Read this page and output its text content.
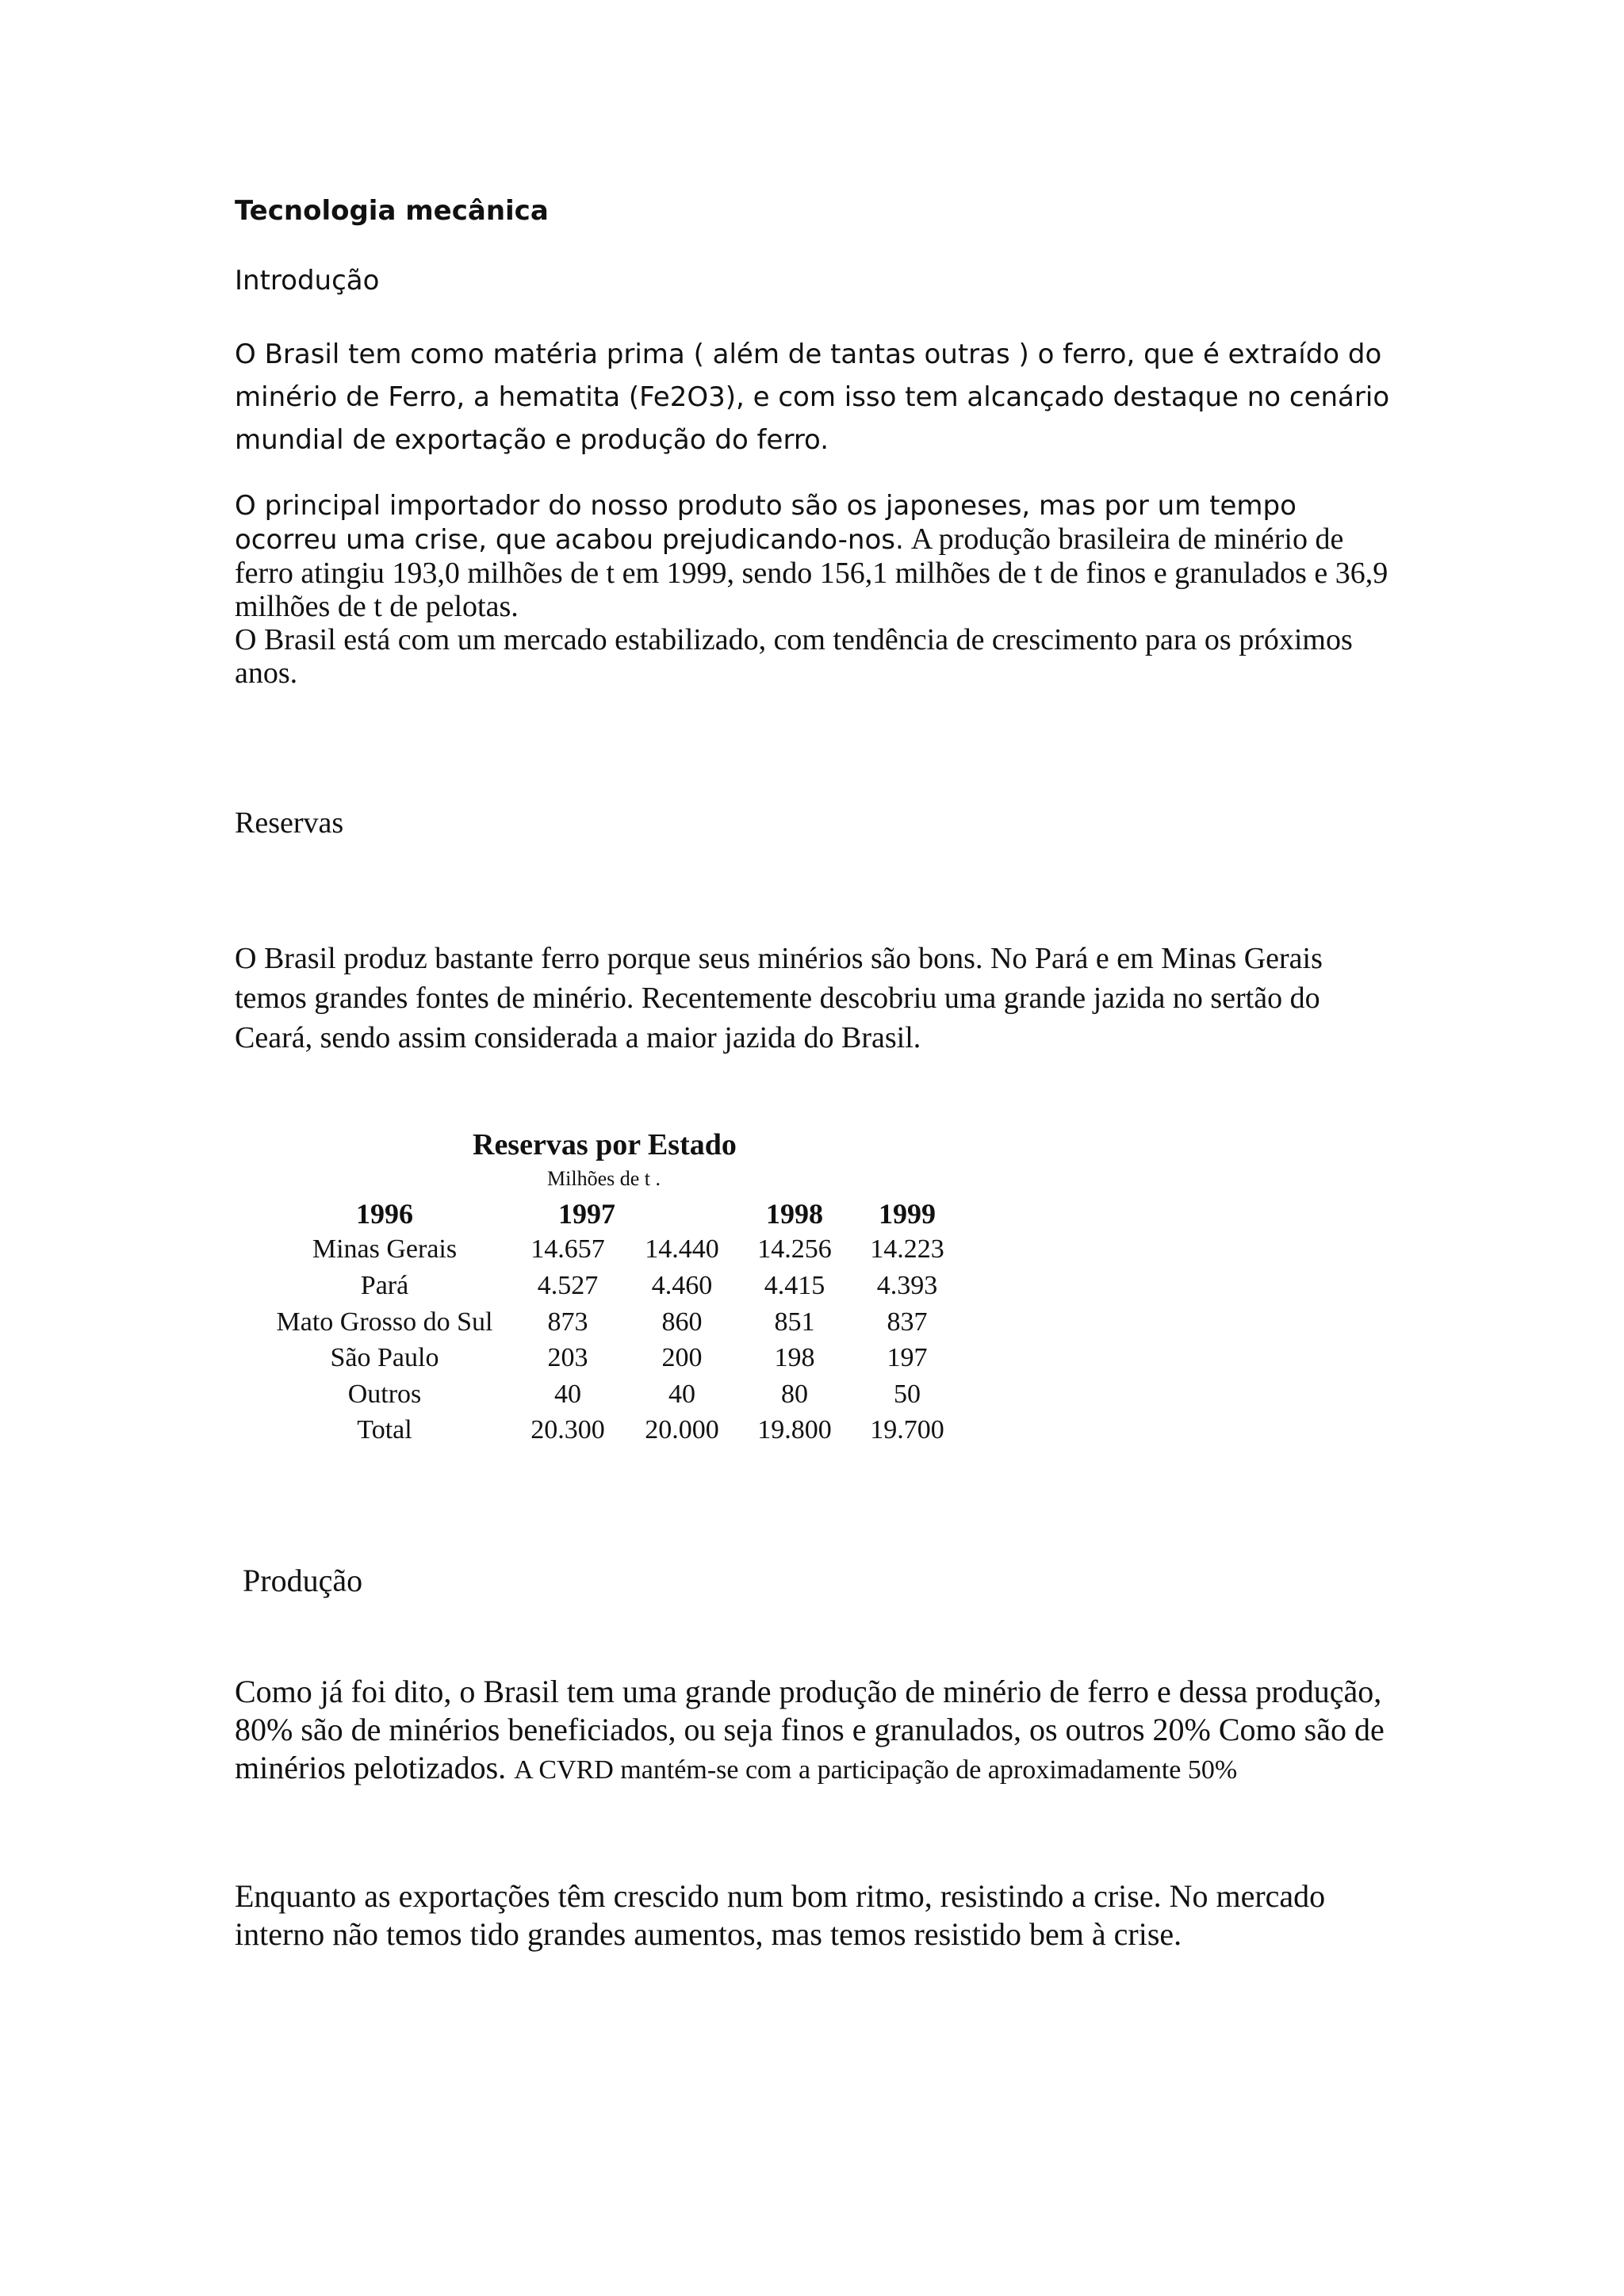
Tecnologia mecânica

Introdução

O Brasil tem como matéria prima ( além de tantas outras ) o ferro, que é extraído do minério de Ferro, a hematita (Fe2O3), e com isso tem alcançado destaque no cenário mundial de exportação e produção do ferro.

O principal importador do nosso produto são os japoneses, mas por um tempo ocorreu uma crise, que acabou prejudicando-nos. A produção brasileira de minério de ferro atingiu 193,0 milhões de t em 1999, sendo 156,1 milhões de t de finos e granulados e 36,9 milhões de t de pelotas.
O Brasil está com um mercado estabilizado, com tendência de crescimento para os próximos anos.

Reservas

O Brasil produz bastante ferro porque seus minérios são bons. No Pará e em Minas Gerais temos grandes fontes de minério. Recentemente descobriu uma grande jazida no sertão do Ceará, sendo assim considerada a maior jazida do Brasil.

Reservas por Estado
Milhões de t .
1996	1997		1998	1999
Minas Gerais	14.657	14.440	14.256	14.223
Pará	4.527	4.460	4.415	4.393
Mato Grosso do Sul	873	860	851	837
São Paulo	203	200	198	197
Outros	40	40	80	50
Total	20.300	20.000	19.800	19.700

Produção

Como já foi dito, o Brasil tem uma grande produção de minério de ferro e dessa produção, 80% são de minérios beneficiados, ou seja finos e granulados, os outros 20% Como são de minérios pelotizados. A CVRD mantém-se com a participação de aproximadamente 50%

Enquanto as exportações têm crescido num bom ritmo, resistindo a crise. No mercado interno não temos tido grandes aumentos, mas temos resistido bem à crise.
